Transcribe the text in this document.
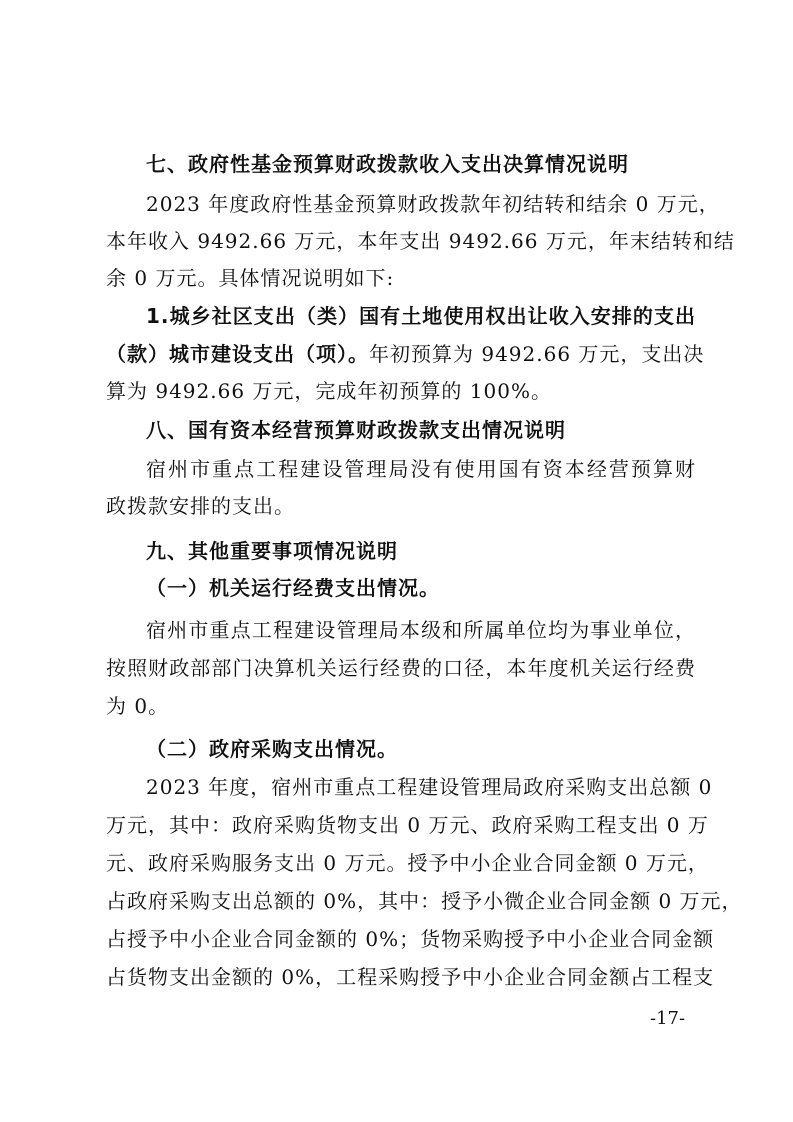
七、政府性基金预算财政拨款收入支出决算情况说明
2023 年度政府性基金预算财政拨款年初结转和结余 0 万元，
本年收入 9492.66 万元，本年支出 9492.66 万元，年末结转和结
余 0 万元。具体情况说明如下:
1.城乡社区支出（类）国有土地使用权出让收入安排的支出
（款）城市建设支出（项）。 年初预算为 9492.66 万元，支出决
算为 9492.66 万元，完成年初预算的 100%。
八、国有资本经营预算财政拨款支出情况说明
宿州市重点工程建设管理局没有使用国有资本经营预算财
政拨款安排的支出。
九、其他重要事项情况说明
（一）机关运行经费支出情况。
宿州市重点工程建设管理局本级和所属单位均为事业单位，
按照财政部部门决算机关运行经费的口径，本年度机关运行经费
为 0。
（二）政府采购支出情况。
2023 年度，宿州市重点工程建设管理局政府采购支出总额 0
万元，其中：政府采购货物支出 0 万元、政府采购工程支出 0 万
元、政府采购服务支出 0 万元。授予中小企业合同金额 0 万元，
占政府采购支出总额的 0%，其中：授予小微企业合同金额 0 万元，
占授予中小企业合同金额的 0%；货物采购授予中小企业合同金额
占货物支出金额的 0%，工程采购授予中小企业合同金额占工程支
-17-
